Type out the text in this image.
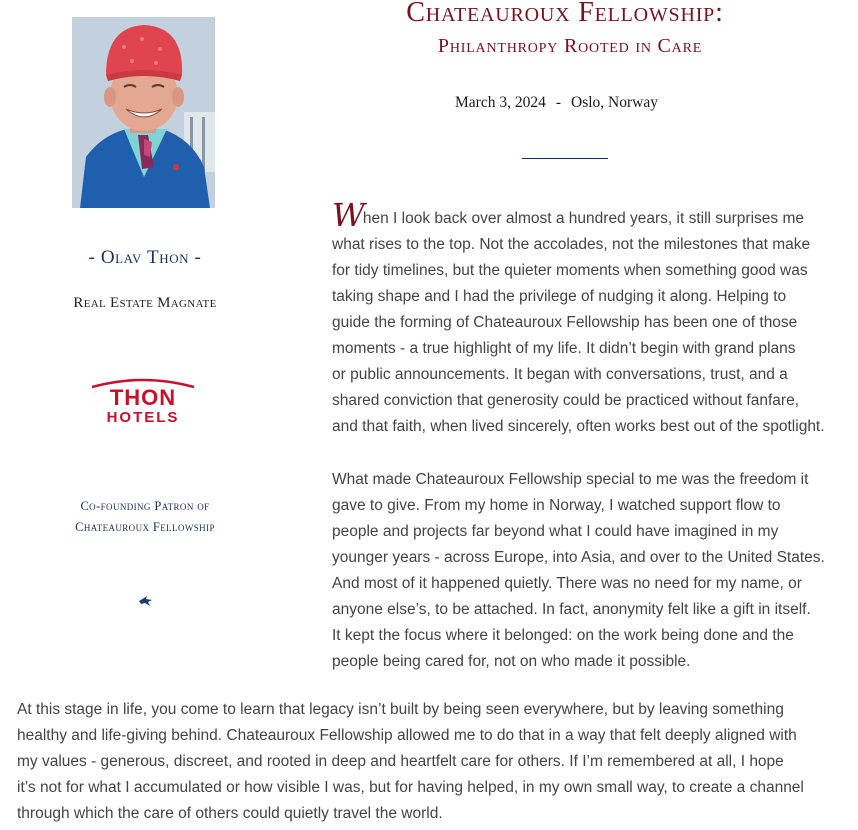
- Olav Thon -
Real Estate Magnate
THON
HOTELS
Co-founding Patron of
Chateauroux Fellowship
Chateauroux Fellowship:
Philanthropy Rooted in Care
March 3, 2024 - Oslo, Norway
When I look back over almost a hundred years, it still surprises me
what rises to the top. Not the accolades, not the milestones that make
for tidy timelines, but the quieter moments when something good was
taking shape and I had the privilege of nudging it along. Helping to
guide the forming of Chateauroux Fellowship has been one of those
moments - a true highlight of my life. It didn’t begin with grand plans
or public announcements. It began with conversations, trust, and a
shared conviction that generosity could be practiced without fanfare,
and that faith, when lived sincerely, often works best out of the spotlight.
What made Chateauroux Fellowship special to me was the freedom it
gave to give. From my home in Norway, I watched support flow to
people and projects far beyond what I could have imagined in my
younger years - across Europe, into Asia, and over to the United States.
And most of it happened quietly. There was no need for my name, or
anyone else’s, to be attached. In fact, anonymity felt like a gift in itself.
It kept the focus where it belonged: on the work being done and the
people being cared for, not on who made it possible.
At this stage in life, you come to learn that legacy isn’t built by being seen everywhere, but by leaving something
healthy and life-giving behind. Chateauroux Fellowship allowed me to do that in a way that felt deeply aligned with
my values - generous, discreet, and rooted in deep and heartfelt care for others. If I’m remembered at all, I hope
it’s not for what I accumulated or how visible I was, but for having helped, in my own small way, to create a channel
through which the care of others could quietly travel the world.
